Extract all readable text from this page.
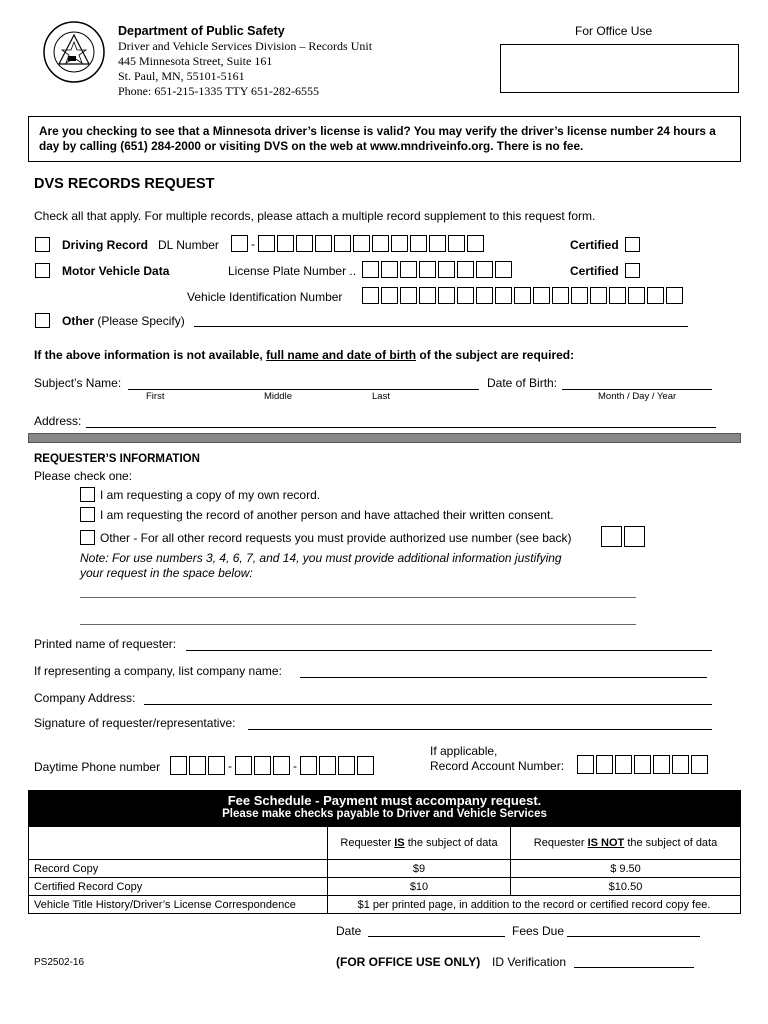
Department of Public Safety
Driver and Vehicle Services Division – Records Unit
445 Minnesota Street, Suite 161
St. Paul, MN, 55101-5161
Phone: 651-215-1335 TTY 651-282-6555
For Office Use
Are you checking to see that a Minnesota driver’s license is valid? You may verify the driver’s license number 24 hours a day by calling (651) 284-2000 or visiting DVS on the web at www.mndriveinfo.org. There is no fee.
DVS RECORDS REQUEST
Check all that apply. For multiple records, please attach a multiple record supplement to this request form.
Driving Record DL Number	-	Certified
Motor Vehicle Data	License Plate Number ..	Certified
Vehicle Identification Number
Other (Please Specify)
If the above information is not available, full name and date of birth of the subject are required:
Subject’s Name:
First	Middle	Last
Date of Birth:
Month / Day / Year
Address:
REQUESTER’S INFORMATION
Please check one:
I am requesting a copy of my own record.
I am requesting the record of another person and have attached their written consent.
Other - For all other record requests you must provide authorized use number (see back)
Note: For use numbers 3, 4, 6, 7, and 14, you must provide additional information justifying
your request in the space below:
Printed name of requester:
If representing a company, list company name:
Company Address:
Signature of requester/representative:
Daytime Phone number	-	-
If applicable,
Record Account Number:
Fee Schedule - Payment must accompany request.
Please make checks payable to Driver and Vehicle Services
	Requester IS the subject of data	Requester IS NOT the subject of data
Record Copy	$9	$ 9.50
Certified Record Copy	$10	$10.50
Vehicle Title History/Driver’s License Correspondence	$1 per printed page, in addition to the record or certified record copy fee.	
Date	Fees Due
PS2502-16	(FOR OFFICE USE ONLY) ID Verification
